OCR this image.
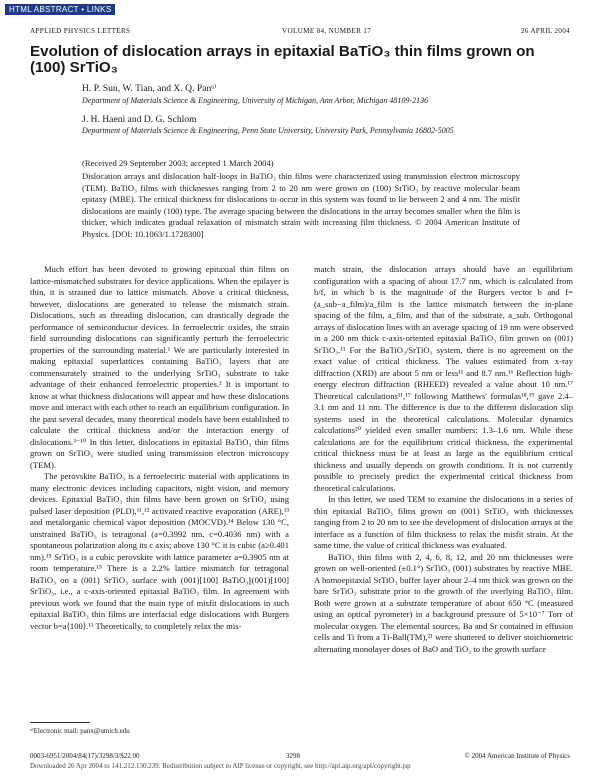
HTML ABSTRACT • LINKS
APPLIED PHYSICS LETTERS	VOLUME 84, NUMBER 17	26 APRIL 2004
Evolution of dislocation arrays in epitaxial BaTiO₃ thin films grown on (100) SrTiO₃
H. P. Sun, W. Tian, and X. Q. Panᵃ⁾
Department of Materials Science & Engineering, University of Michigan, Ann Arbor, Michigan 48109-2136
J. H. Haeni and D. G. Schlom
Department of Materials Science & Engineering, Penn State University, University Park, Pennsylvania 16802-5005
(Received 29 September 2003; accepted 1 March 2004)
Dislocation arrays and dislocation half-loops in BaTiO₃ thin films were characterized using transmission electron microscopy (TEM). BaTiO₃ films with thicknesses ranging from 2 to 20 nm were grown on (100) SrTiO₃ by reactive molecular beam epitaxy (MBE). The critical thickness for dislocations to occur in this system was found to lie between 2 and 4 nm. The misfit dislocations are mainly (100) type. The average spacing between the dislocations in the array becomes smaller when the film is thicker, which indicates gradual relaxation of mismatch strain with increasing film thickness. © 2004 American Institute of Physics. [DOI: 10.1063/1.1728300]

Much effort has been devoted to growing epitaxial thin films on lattice-mismatched substrates for device applications. When the epilayer is thin, it is strained due to lattice mismatch. Above a critical thickness, however, dislocations are generated to release the mismatch strain. Dislocations, such as threading dislocation, can drastically degrade the performance of semiconductor devices. In ferroelectric oxides, the strain field surrounding dislocations can significantly perturb the ferroelectric properties of the surrounding material.¹ We are particularly interested in making epitaxial superlattices containing BaTiO₃ layers that are commensurately strained to the underlying SrTiO₃ substrate to take advantage of their enhanced ferroelectric properties.² It is important to know at what thickness dislocations will appear and how these dislocations move and interact with each other to reach an equilibrium configuration. In the past several decades, many theoretical models have been established to calculate the critical thickness and/or the interaction energy of dislocations.³⁻¹⁰ In this letter, dislocations in epitaxial BaTiO₃ thin films grown on SrTiO₃ were studied using transmission electron microscopy (TEM).

The perovskite BaTiO₃ is a ferroelectric material with applications in many electronic devices including capacitors, night vision, and memory devices. Epitaxial BaTiO₃ thin films have been grown on SrTiO₃ using pulsed laser deposition (PLD),¹¹,¹² activated reactive evaporation (ARE),¹³ and metalorganic chemical vapor deposition (MOCVD).¹⁴ Below 130 °C, unstrained BaTiO₃ is tetragonal (a=0.3992 nm, c=0.4036 nm) with a spontaneous polarization along its c axis; above 130 °C it is cubic (a≥0.401 nm).¹⁵ SrTiO₃ is a cubic perovskite with lattice parameter a=0.3905 nm at room temperature.¹⁵ There is a 2.2% lattice mismatch for tetragonal BaTiO₃ on a (001) SrTiO₃ surface with (001)[100] BaTiO₃||(001)[100] SrTiO₃, i.e., a c-axis-oriented epitaxial BaTiO₃ film. In agreement with previous work we found that the main type of misfit dislocations in such epitaxial BaTiO₃ thin films are interfacial edge dislocations with Burgers vector b=a⟨100⟩.¹¹ Theoretically, to completely relax the mis-

match strain, the dislocation arrays should have an equilibrium configuration with a spacing of about 17.7 nm, which is calculated from b/f, in which b is the magnitude of the Burgers vector b and f=(a_sub−a_film)/a_film is the lattice mismatch between the in-plane spacing of the film, a_film, and that of the substrate, a_sub. Orthogonal arrays of dislocation lines with an average spacing of 19 nm were observed in a 200 nm thick c-axis-oriented epitaxial BaTiO₃ film grown on (001) SrTiO₃.¹¹ For the BaTiO₃/SrTiO₃ system, there is no agreement on the exact value of critical thickness. The values estimated from x-ray diffraction (XRD) are about 5 nm or less¹¹ and 8.7 nm.¹⁶ Reflection high-energy electron diffraction (RHEED) revealed a value about 10 nm.¹⁷ Theoretical calculations¹¹,¹⁷ following Matthews' formulas¹⁸,¹⁹ gave 2.4–3.1 nm and 11 nm. The difference is due to the different dislocation slip systems used in the theoretical calculations. Molecular dynamics calculations²⁰ yielded even smaller numbers: 1.3–1.6 nm. While these calculations are for the equilibrium critical thickness, the experimental critical thickness must be at least as large as the equilibrium critical thickness and usually depends on growth conditions. It is not currently possible to precisely predict the experimental critical thickness from theoretical calculations.

In this letter, we used TEM to examine the dislocations in a series of thin epitaxial BaTiO₃ films grown on (001) SrTiO₃ with thicknesses ranging from 2 to 20 nm to see the development of dislocation arrays at the interface as a function of film thickness to relax the misfit strain. At the same time, the value of critical thickness was evaluated.

BaTiO₃ thin films with 2, 4, 6, 8, 12, and 20 nm thicknesses were grown on well-oriented (±0.1°) SrTiO₃ (001) substrates by reactive MBE. A homoepitaxial SrTiO₃ buffer layer about 2–4 nm thick was grown on the bare SrTiO₃ substrate prior to the growth of the overlying BaTiO₃ film. Both were grown at a substrate temperature of about 650 °C (measured using an optical pyrometer) in a background pressure of 5×10⁻⁷ Torr of molecular oxygen. The elemental sources, Ba and Sr contained in effusion cells and Ti from a Ti-Ball(TM),²¹ were shuttered to deliver stoichiometric alternating monolayer doses of BaO and TiO₂ to the growth surface

ᵃ⁾Electronic mail: panx@umich.edu
0003-6951/2004/84(17)/3298/3/$22.00	3298	© 2004 American Institute of Physics
Downloaded 26 Apr 2004 to 141.212.130.239. Redistribution subject to AIP license or copyright, see http://apl.aip.org/apl/copyright.jsp
